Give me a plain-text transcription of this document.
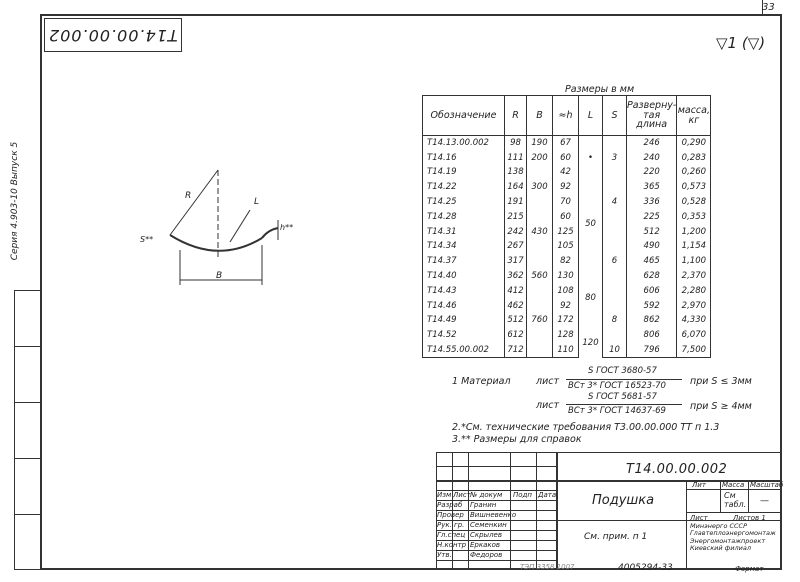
33
Т14.00.00.002	▽1 (▽)
Серия 4.903-10 Выпуск 5	R
L
B
S**
h**
Размеры в мм
Обозначение	R	B	≈h	L	S	Разверну-тая длина	масса, кг
Т14.13.00.002	98	190	67	•	3	246	0,290
Т14.16	111	200	60			240	0,283
Т14.19	138		42			220	0,260
Т14.22	164	300	92	50	4	365	0,573
Т14.25	191		70			336	0,528
Т14.28	215		60			225	0,353
Т14.31	242	430	125		6	512	1,200
Т14.34	267		105			490	1,154
Т14.37	317		82			465	1,100
Т14.40	362	560	130	80		628	2,370
Т14.43	412		108			606	2,280
Т14.46	462		92		8	592	2,970
Т14.49	512	760	172			862	4,330
Т14.52	612		128	120		806	6,070
Т14.55.00.002	712		110		10	796	7,500
1 Материал	лист
S ГОСТ 3680-57
ВСт 3* ГОСТ 16523-70	при S ≤ 3мм
лист
S ГОСТ 5681-57
ВСт 3* ГОСТ 14637-69	при S ≥ 4мм
2.*См. технические требования Т3.00.00.000 ТТ п 1.3
3.** Размеры для справок
Изм Лист № докум Подп Дата
Разраб Гранин
Провер Вишневенко
Рук. гр. Семенкин
Гл.спец Скрылев
Н.контр Еркаков
Утв.	Федоров
Т14.00.00.002
Подушка
См. прим. п 1
Лит Масса Масштаб
См табл. —
Лист	Листов 1
Минэнерго СССР Главтеплоэнергомонтаж Энергомонтажпроект Киевский филиал
ТЭП 3358 1007	4005294-33	Формат
